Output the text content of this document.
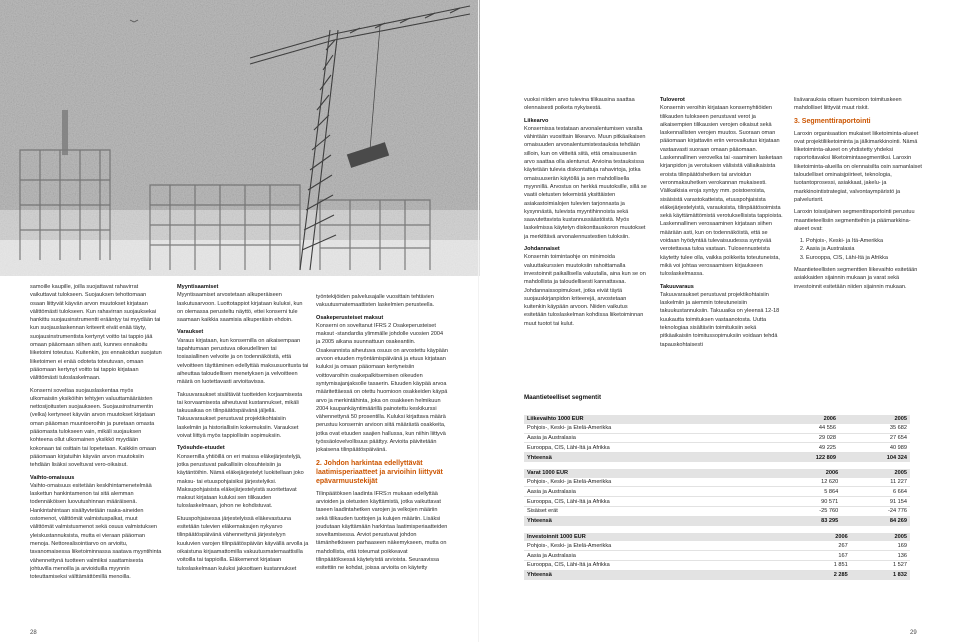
samoille kaupille, joilla suojattavat rahavirrat vaikuttavat tulokseen. Suojauksen tehottomaan osaan liittyvät käyvän arvon muutokset kirjataan välittömästi tulokseen. Kun rahavirran suojauksekai hankittu suojausinstrumentti erääntyy tai myydään tai kun suojauslaskennan kriteerit eivät enää täyty, suojausinstrumentista kertynyt voitto tai tappio jää omaan pääomaan siihen asti, kunnes ennakoitu liiketoimi toteutuu. Kuitenkin, jos ennakoidun suojatun liiketoimen ei enää odoteta toteutuvan, omaan pääomaan kertynyt voitto tai tappio kirjataan välittömästi tuloslaskelmaan.

Konserni soveltaa suojauslaskentaa myös ulkomaisiin yksiköihin tehtyjen valuuttamääräisten nettosijoitusten suojaukseen. Suojausinstrumentin (velka) kertyneet käyvän arvon muutokset kirjataan oman pääoman muuntoeroihin ja puretaan omasta pääomasta tulokseen vain, mikäli suojauksen kohteena ollut ulkomainen yksikkö myydään kokonaan tai osittain tai lopetetaan. Kaikkiin omaan pääomaan kirjatuihin käyvän arvon muutoksiin tehdään lisäksi soveltuvat vero-oikaisut.

Vaihto-omaisuus

Vaihto-omaisuus esitetään keskihintamenetelmää laskettun hankintamenon tai sitä alemman todennäköisen luovutushinnan määräisenä. Hankintahintaan sisältyvtetään raaka-aineiden ostomenot, välittömät valmistuspalkat, muut välittömät valmistusmenot sekä osuus valmistuksen yleiskustannuksista, mutta ei vieraan pääoman menoja. Nettorealisointiarvo on arvioitu, tavanomaisessa liiketoiminnassa saatava myyntihinta vähennettynä tuotteen valmiiksi saattamisesta johtuvilla menoilla ja arvioiduilla myynnin toteuttamiseksi välttämättömillä menoilla.

Myyntisaamiset

Myyntisaamiset arvostetaan alkuperäiseen laskutusarvoon. Luottotappiot kirjataan kuluksi, kun on olemassa perusteltu näyttö, ettei konserni tule saamaan kaikkia saamisia alkuperäisin ehdoin.

Varaukset

Varaus kirjataan, kun konsernilla on aikaisempaan tapahtumaan perustuva oikeudellinen tai tosiasiallinen velvoite ja on todennäköistä, että velvoitteen täyttäminen edellyttää maksusuoritusta tai aiheuttaa taloudellisen menetyksen ja velvoitteen määrä on luotettavasti arvioitavissa.

Takuuvaraukset sisältävät tuotteiden korjaamisesta tai korvaamisesta aiheutuvat kustannukset, mikäli takuuaikaa on tilinpäätöspäivänä jäljellä. Takuuvaraukset perustuvat projektikohtaisiin laskelmiin ja historiallisiin kokemuksiin. Varaukset voivat liittyä myös tappiollisiin sopimuksiin.

Työsuhde-etuudet

Konsernilla yhtiöillä on eri maissa eläkejärjestelyjä, jotka perustuvat paikallisiin olosuhteisiin ja käytäntöihin. Nämä eläkejärjestelyt luokitellaan joko maksu- tai etuuspohjaisiksi järjestelyiksi. Maksupohjaisista eläkejärjestelyistä suoritettavat maksut kirjataan kuluksi sen tilikauden tuloslaskelmaan, johon ne kohdistuvat.

Etuuspohjaisessa järjestelyissä eläkevastuuna esitetään tulevien eläkemaksujen nykyarvo tilinpäätöspäivänä vähennettynä järjestelyyn kuuluvien varojen tilinpäätöspäivän käyvällä arvolla ja oikaistuna kirjaamattomilla vakuutusmatemaattisilla voitoilla tai tappioilla. Eläkemenot kirjataan tuloslaskelmaan kuluksi jaksottaen kustannukset

työntekijöiden palvelusajalle vuosittain tehtävien vakuutusmatemaattisten laskelmien perusteella.

Osakeperusteiset maksut

Konserni on soveltanut IFRS 2 Osakeperusteiset maksut -standardia ylimmälle johdolle vuosien 2004 ja 2005 aikana suunnattuun osakeantiin. Osakeannista aiheutuva osuus on arvostettu käypään arvoon etuuden myöntämispäivänä ja etuus kirjataan kuluksi ja omaan pääomaan kertyneisiin voittovaroihin osakepalkitsemisen oikeuden syntymisajanjaksolle tasaerin. Etuuden käypää arvoa määritettäessä on otettu huomioon osakkeiden käypä arvo ja merkintähinta, joka on osakkeen helmikuun 2004 kaupankäyntimäärillä painotettu keskikurssi vähennettynä 50 prosentilla. Kuluksi kirjattava määrä perustuu konsernin arvioon siitä määrästä osakkeita, jotka ovat etuuden saajien hallussa, kun niihin liittyvä työssäolovelvollisuus päättyy. Arvioita päivitetään jokaisena tilinpäätöspäivänä.

2. Johdon harkintaa edellyttävät laatimisperiaatteet ja arvioihin liittyvät epävarmuustekijät

Tilinpäätöksen laadinta IFRS:n mukaan edellyttää arvioiden ja oletusten käyttämistä, jotka vaikuttavat taseen laadintahetken varojen ja velkojen määriin sekä tilikauden tuottojen ja kulujen määriin. Lisäksi joudutaan käyttämään harkintaa laatimisperiaatteiden soveltamisessa. Arviot perustuvat johdon tämänhetkiseen parhaaseen näkemykseen, mutta on mahdollista, että toteumat poikkeavat tilinpäätöksessä käytetyistä arvioista. Seuraavissa esitettiin ne kohdat, joissa arvioita on käytetty

28

vuoksi niiden arvo tulevina tilikausina saattaa olennaisesti poiketa nykyisestä.

Liikearvo

Konsernissa testataan arvonalentumisen varalta vähintään vuosittain liikearvo. Muun pitkäaikaisen omaisuuden arvonalentumistestauksia tehdään silloin, kun on viitteitä siitä, että omaisuuserän arvo saattaa olla alentunut. Arvioina testauksissa käytetään tulevia diskontattuja rahavirtoja, jotka omaisuuserän käytöllä ja sen mahdollisella myynnillä. Arvostus on herkkä muutoksille, sillä se vaatii oletusten tekemistä yksittäisten asiakastoimialojen tulevien tarjonnasta ja kysynnästä, tulevista myyntihinnoista sekä saavutettavista kustannussäästöistä. Myös laskelmissa käytetyn diskonttauskoron muutokset ja merkittävä arvonalennustestien tuloksiin.

Johdannaiset

Konsernin toimintaohje on minimoida valuuttakurssien muutoksiin rahoittamalla investoinnit paikallisella valuutalla, aina kun se on mahdollista ja taloudellisesti kannattavaa. Johdannaissopimukset, jotka eivät täytä suojauskirjanpidon kriteerejä, arvostetaan kuitenkin käypään arvoon. Niiden vaikutus esitetään tuloslaskelman kohdissa liiketoiminnan muut tuotot tai kulut.

Tuloverot

Konsernin veroihin kirjataan konsernyhtiöiden tilikauden tulokseen perustuvat verot ja aikaisempien tilikausien verojen oikaisut sekä laskennallisten verojen muutos. Suoraan oman pääomaan kirjattaviin eriin verovaikutus kirjataan vastaavasti suoraan omaan pääomaan. Laskennallinen verovelka tai -saaminen lasketaan kirjanpidon ja verotuksen välisistä väliaikaisista eroista tilinpäätöshetken tai arvioidun veronmaksuhetken verokannan mukaisesti. Välikaikisia eroja syntyy mm. poistoeroista, sisäisistä varastokatteista, etuuspohjaisista eläkejärjestelyistä, varauksista, tilinpäätösoimista sekä käyttämättömistä verotuksellisista tappioista. Laskennallinen verosaaminen kirjataan siihen määrään asti, kun on todennäköistä, että se voidaan hyödyntää tulevaisuudessa syntyvää verotettavaa tuloa vastaan. Tulosennusteista käytetty tulee olla, vaikka poikkeita toteutuneista, mikä voi johtaa verosaamisen kirjaukseen tuloslaskelmassa.

Takuuvaraus

Takuuvaraukset perustuvat projektikohtaisiin laskelmiin ja aiemmin toteutuneisiin takuukustannuksiin. Takuuaika on yleensä 12-18 kuukautta toimituksen vastaanotosta. Uutta teknologiaa sisältäviin toimituksiin sekä pitkäaikaisiin toimitussopimuksiin voidaan tehdä tapauskohtaisesti

lisävarauksia ottaen huomioon toimituskeen mahdolliset liittyvät muut riskit.

3. Segmenttiraportointi

Laroxin organisaation mukaiset liiketoiminta-alueet ovat projektiliiketoiminta ja jälkimarkkinointi. Nämä liiketoiminta-alueet on yhdistetty yhdeksi raportoitavaksi liiketoimintasegmentiksi. Laroxin liiketoiminta-alueilla on olennaisilta osin samanlaiset taloudelliset ominaisjpiirteet, teknologia, tuotantoprosessi, asiakkaat, jakelu- ja markkinointistrategiat, valvontaympäristö ja palvelurisrit.

Laroxin toissijainen segmenttiraportointi perustuu maantieteellisiin segmentteihin ja päämarkkina-alueet ovat:

1. Pohjois-, Keski- ja Itä-Amerikka
2. Aasia ja Australasia
3. Eurooppa, CIS, Lähi-Itä ja Afrikka

Maantieteellisten segmenttien liikevaihto esitetään asiakkaiden sijainnin mukaan ja varat sekä investoinnit esitetään niiden sijainnin mukaan.

Maantieteelliset segmentit
Liikevaihto 1000 EUR	2006	2005
Pohjois-, Keski- ja Etelä-Amerikka	44 556	35 682
Aasia ja Australasia	29 028	27 654
Eurooppa, CIS, Lähi-Itä ja Afrikka	49 225	40 989
Yhteensä	122 809	104 324
Varat 1000 EUR	2006	2005
Pohjois-, Keski- ja Etelä-Amerikka	12 620	11 227
Aasia ja Australasia	5 864	6 664
Eurooppa, CIS, Lähi-Itä ja Afrikka	90 571	91 154
Sisäiset erät	-25 760	-24 776
Yhteensä	83 295	84 269
Investoinnit 1000 EUR	2006	2005
Pohjois-, Keski- ja Etelä-Amerikka	267	169
Aasia ja Australasia	167	136
Eurooppa, CIS, Lähi-Itä ja Afrikka	1 851	1 527
Yhteensä	2 285	1 832
29
